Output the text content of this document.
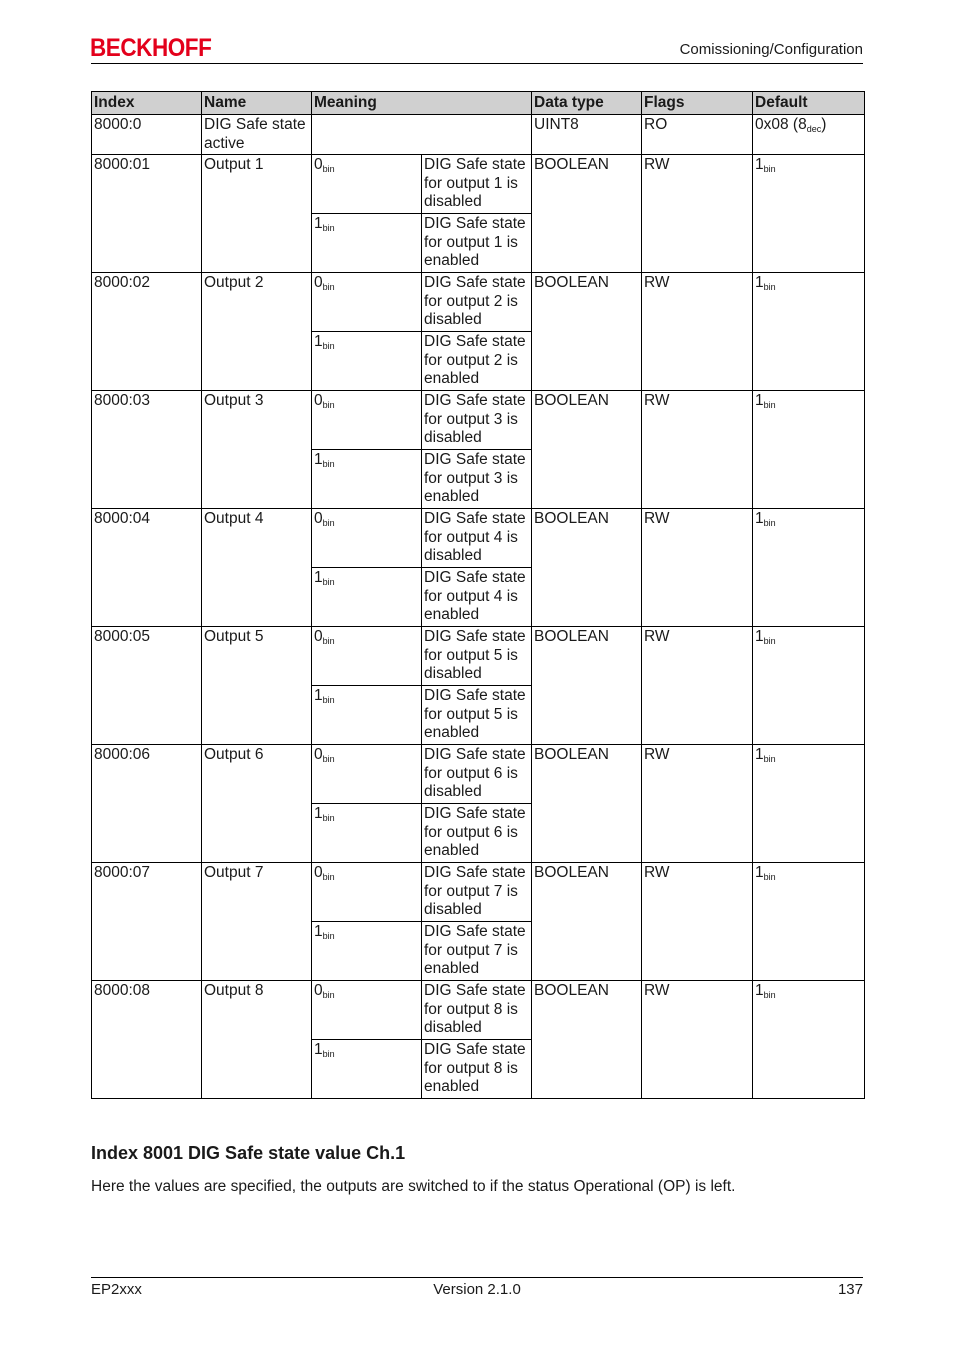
BECKHOFF	Comissioning/Configuration
Index	Name	Meaning		Data type	Flags	Default
8000:0	DIG Safe state active			UINT8	RO	0x08 $(8_{dec})$
8000:01	Output 1	$0_{bin}$	DIG Safe state for output 1 is disabled	BOOLEAN	RW	$1_{bin}$
		$1_{bin}$	DIG Safe state for output 1 is enabled			
8000:02	Output 2	$0_{bin}$	DIG Safe state for output 2 is disabled	BOOLEAN	RW	$1_{bin}$
		$1_{bin}$	DIG Safe state for output 2 is enabled			
8000:03	Output 3	$0_{bin}$	DIG Safe state for output 3 is disabled	BOOLEAN	RW	$1_{bin}$
		$1_{bin}$	DIG Safe state for output 3 is enabled			
8000:04	Output 4	$0_{bin}$	DIG Safe state for output 4 is disabled	BOOLEAN	RW	$1_{bin}$
		$1_{bin}$	DIG Safe state for output 4 is enabled			
8000:05	Output 5	$0_{bin}$	DIG Safe state for output 5 is disabled	BOOLEAN	RW	$1_{bin}$
		$1_{bin}$	DIG Safe state for output 5 is enabled			
8000:06	Output 6	$0_{bin}$	DIG Safe state for output 6 is disabled	BOOLEAN	RW	$1_{bin}$
		$1_{bin}$	DIG Safe state for output 6 is enabled			
8000:07	Output 7	$0_{bin}$	DIG Safe state for output 7 is disabled	BOOLEAN	RW	$1_{bin}$
		$1_{bin}$	DIG Safe state for output 7 is enabled			
8000:08	Output 8	$0_{bin}$	DIG Safe state for output 8 is disabled	BOOLEAN	RW	$1_{bin}$
		$1_{bin}$	DIG Safe state for output 8 is enabled			
Index 8001 DIG Safe state value Ch.1
Here the values are specified, the outputs are switched to if the status Operational (OP) is left.
EP2xxx	Version 2.1.0	137
